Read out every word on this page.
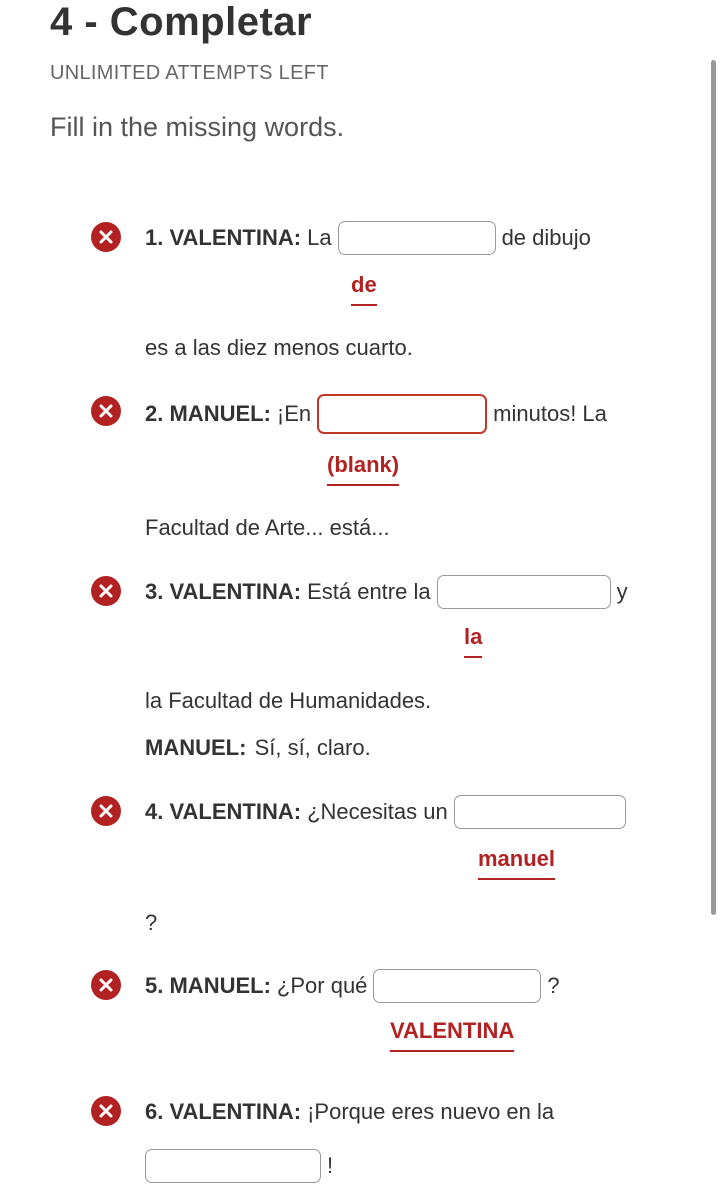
4 - Completar
UNLIMITED ATTEMPTS LEFT
Fill in the missing words.
1. VALENTINA: La	de dibujo
de
es a las diez menos cuarto.
2. MANUEL: ¡En	minutos! La
(blank)
Facultad de Arte... está...
3. VALENTINA: Está entre la	y
la
la Facultad de Humanidades.
MANUEL: Sí, sí, claro.
4. VALENTINA: ¿Necesitas un
manuel
?
5. MANUEL: ¿Por qué	?
VALENTINA
6. VALENTINA: ¡Porque eres nuevo en la
!
